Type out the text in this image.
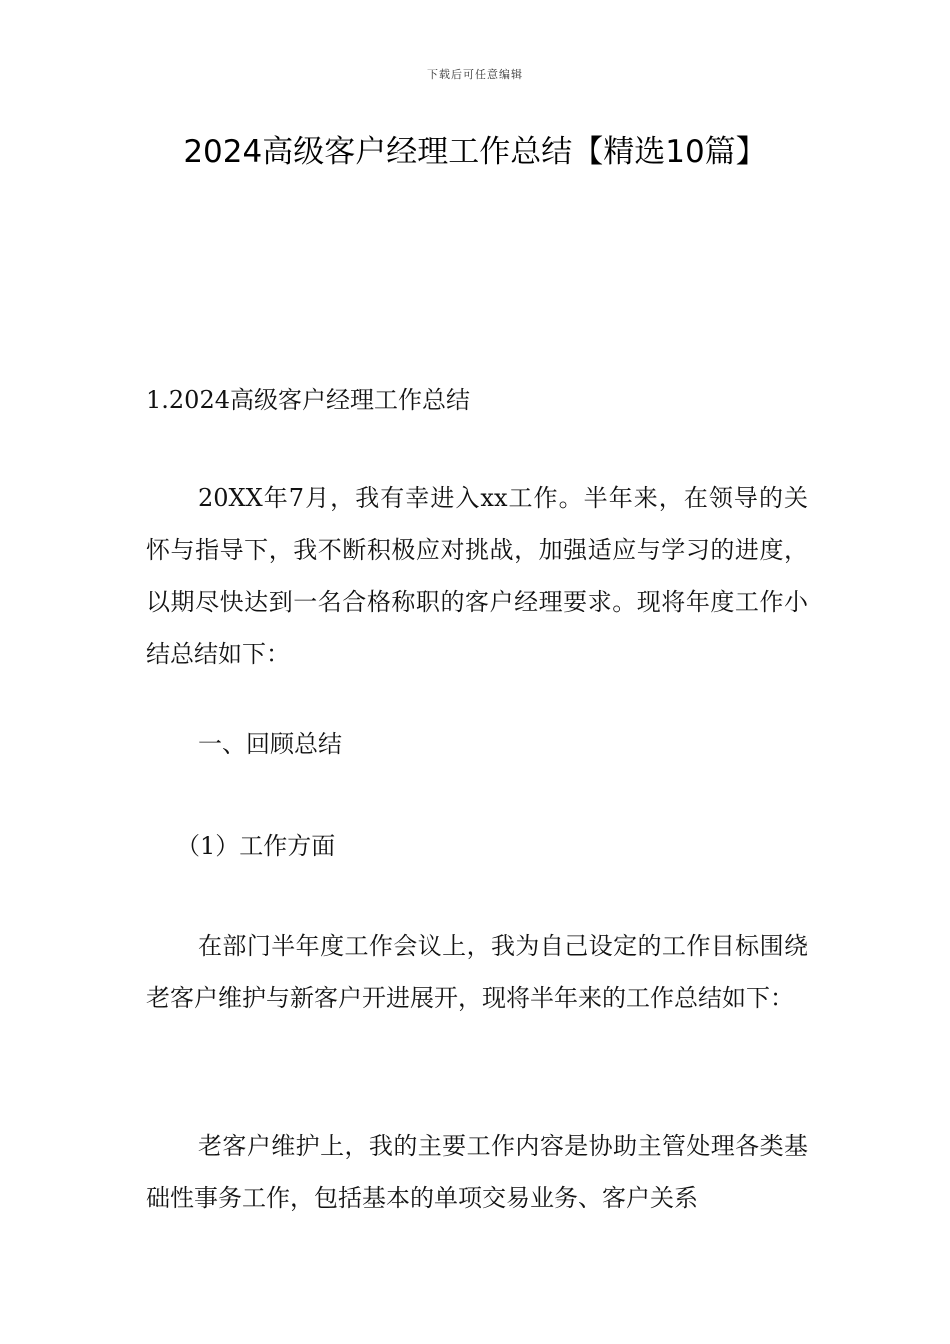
下载后可任意编辑
2024高级客户经理工作总结【精选10篇】

1.2024高级客户经理工作总结

20XX年7月，我有幸进入xx工作。半年来，在领导的关怀与指导下，我不断积极应对挑战，加强适应与学习的进度，以期尽快达到一名合格称职的客户经理要求。现将年度工作小结总结如下：

一、回顾总结

（1）工作方面

在部门半年度工作会议上，我为自己设定的工作目标围绕老客户维护与新客户开进展开，现将半年来的工作总结如下：

老客户维护上，我的主要工作内容是协助主管处理各类基础性事务工作，包括基本的单项交易业务、客户关系
